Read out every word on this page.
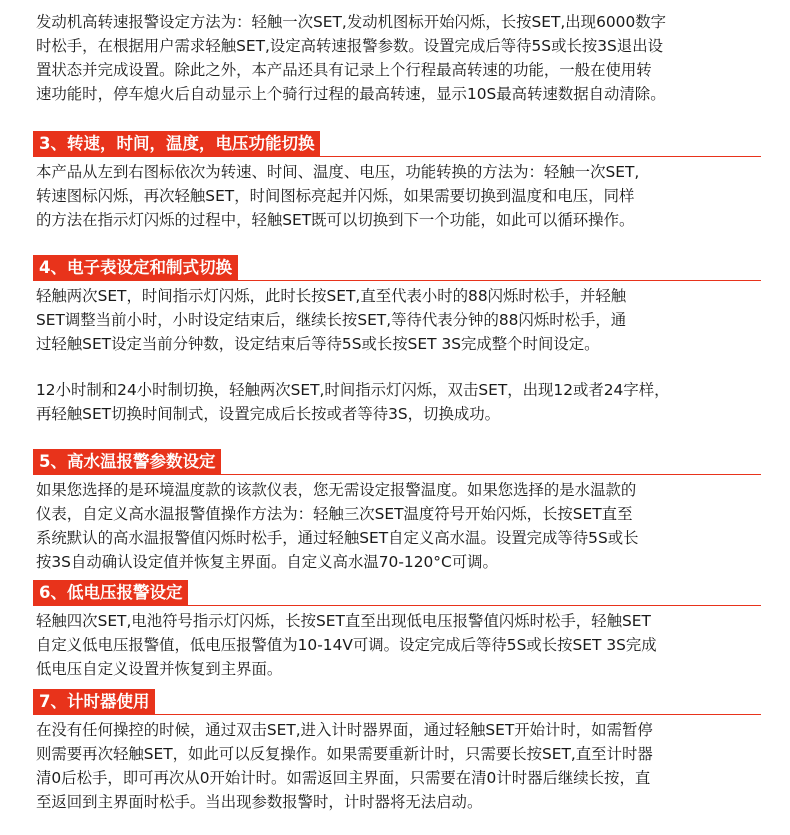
发动机高转速报警设定方法为：轻触一次SET,发动机图标开始闪烁，长按SET,出现6000数字
时松手，在根据用户需求轻触SET,设定高转速报警参数。设置完成后等待5S或长按3S退出设
置状态并完成设置。除此之外，本产品还具有记录上个行程最高转速的功能，一般在使用转
速功能时，停车熄火后自动显示上个骑行过程的最高转速，显示10S最高转速数据自动清除。

3、转速，时间，温度，电压功能切换

本产品从左到右图标依次为转速、时间、温度、电压，功能转换的方法为：轻触一次SET,
转速图标闪烁，再次轻触SET，时间图标亮起并闪烁，如果需要切换到温度和电压，同样
的方法在指示灯闪烁的过程中，轻触SET既可以切换到下一个功能，如此可以循环操作。

4、电子表设定和制式切换

轻触两次SET，时间指示灯闪烁，此时长按SET,直至代表小时的88闪烁时松手，并轻触
SET调整当前小时，小时设定结束后，继续长按SET,等待代表分钟的88闪烁时松手，通
过轻触SET设定当前分钟数，设定结束后等待5S或长按SET 3S完成整个时间设定。

12小时制和24小时制切换，轻触两次SET,时间指示灯闪烁，双击SET，出现12或者24字样，
再轻触SET切换时间制式，设置完成后长按或者等待3S，切换成功。

5、高水温报警参数设定

如果您选择的是环境温度款的该款仪表，您无需设定报警温度。如果您选择的是水温款的
仪表，自定义高水温报警值操作方法为：轻触三次SET温度符号开始闪烁，长按SET直至
系统默认的高水温报警值闪烁时松手，通过轻触SET自定义高水温。设置完成等待5S或长
按3S自动确认设定值并恢复主界面。自定义高水温70-120°C可调。

6、低电压报警设定

轻触四次SET,电池符号指示灯闪烁，长按SET直至出现低电压报警值闪烁时松手，轻触SET
自定义低电压报警值，低电压报警值为10-14V可调。设定完成后等待5S或长按SET 3S完成
低电压自定义设置并恢复到主界面。

7、计时器使用

在没有任何操控的时候，通过双击SET,进入计时器界面，通过轻触SET开始计时，如需暂停
则需要再次轻触SET，如此可以反复操作。如果需要重新计时，只需要长按SET,直至计时器
清0后松手，即可再次从0开始计时。如需返回主界面，只需要在清0计时器后继续长按，直
至返回到主界面时松手。当出现参数报警时，计时器将无法启动。
